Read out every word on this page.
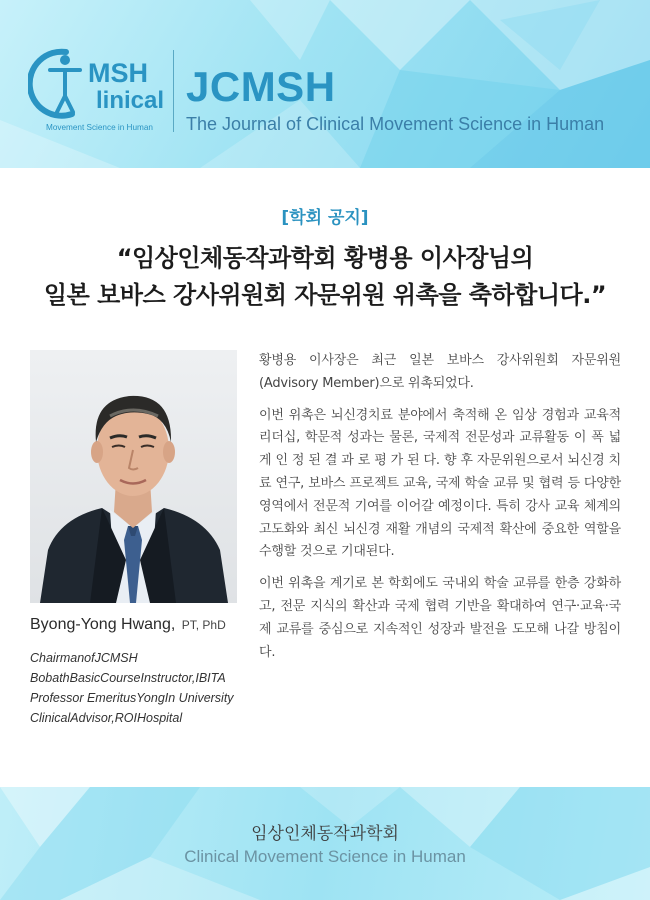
MSH
linical
Movement Science in Human
JCMSH
The Journal of Clinical Movement Science in Human
[학회 공지]
“임상인체동작과학회 황병용 이사장님의
일본 보바스 강사위원회 자문위원 위촉을 축하합니다.”
Byong-Yong Hwang, PT, PhD
ChairmanofJCMSH
BobathBasicCourseInstructor,IBITA
Professor EmeritusYongIn University
ClinicalAdvisor,ROIHospital

황병용 이사장은 최근 일본 보바스 강사위원회 자문위원(Advisory Member)으로 위촉되었다.

이번 위촉은 뇌신경치료 분야에서 축적해 온 임상 경험과 교육적 리더십, 학문적 성과는 물론, 국제적 전문성과 교류활동 이 폭 넓 게 인 정 된 결 과 로 평 가 된 다. 향 후 자문위원으로서 뇌신경 치료 연구, 보바스 프로젝트 교육, 국제 학술 교류 및 협력 등 다양한 영역에서 전문적 기여를 이어갈 예정이다. 특히 강사 교육 체계의 고도화와 최신 뇌신경 재활 개념의 국제적 확산에 중요한 역할을 수행할 것으로 기대된다.

이번 위촉을 계기로 본 학회에도 국내외 학술 교류를 한층 강화하고, 전문 지식의 확산과 국제 협력 기반을 확대하여 연구·교육·국제 교류를 중심으로 지속적인 성장과 발전을 도모해 나갈 방침이다.

임상인체동작과학회
Clinical Movement Science in Human
